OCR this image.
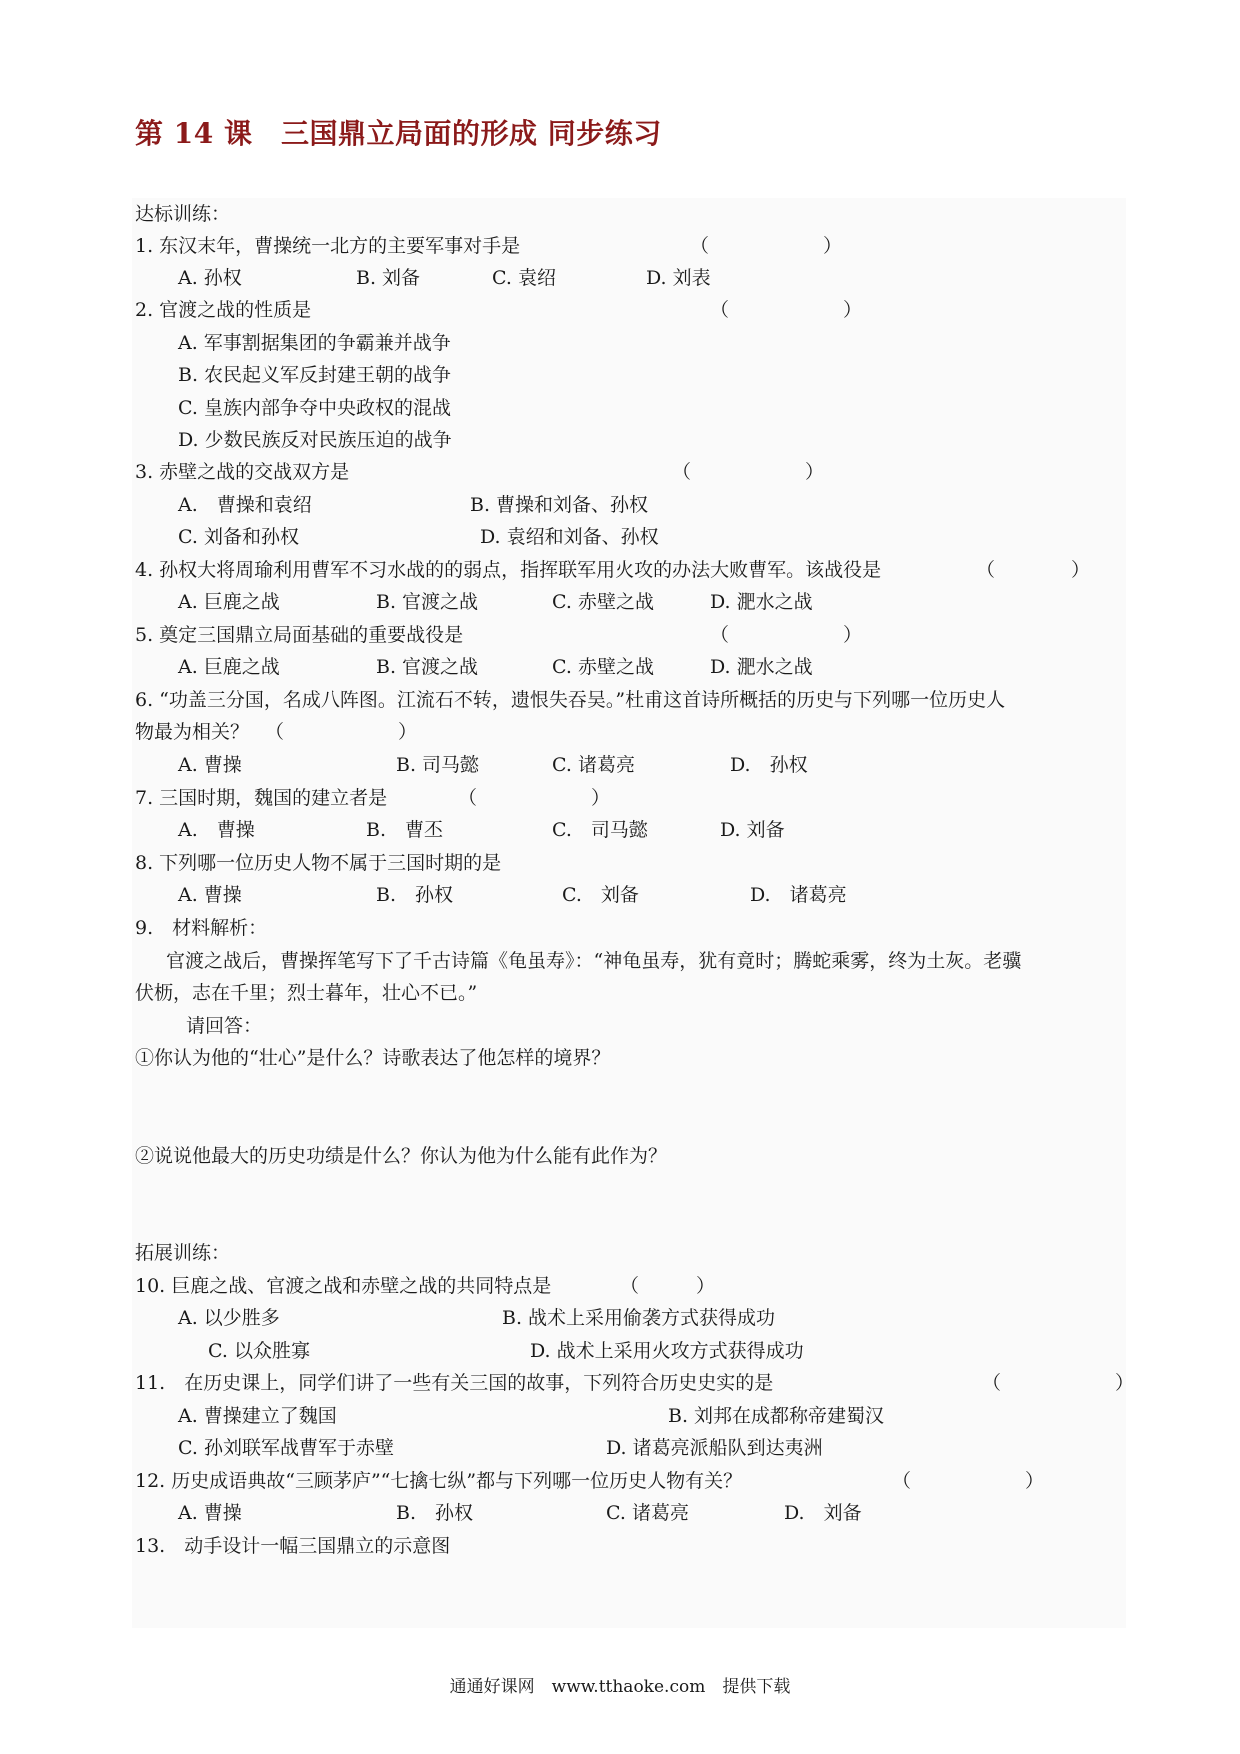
第 14 课　三国鼎立局面的形成 同步练习
达标训练：
1. 东汉末年，曹操统一北方的主要军事对手是	（　　　　　　）
A. 孙权	B. 刘备	C. 袁绍	D. 刘表
2. 官渡之战的性质是	（　　　　　　）
A. 军事割据集团的争霸兼并战争
B. 农民起义军反封建王朝的战争
C. 皇族内部争夺中央政权的混战
D. 少数民族反对民族压迫的战争
3. 赤壁之战的交战双方是	（　　　　　　）
A.　曹操和袁绍	B. 曹操和刘备、孙权
C. 刘备和孙权	D. 袁绍和刘备、孙权
4. 孙权大将周瑜利用曹军不习水战的的弱点，指挥联军用火攻的办法大败曹军。该战役是	（　　　　）
A. 巨鹿之战	B. 官渡之战	C. 赤壁之战	D. 淝水之战
5. 奠定三国鼎立局面基础的重要战役是	（　　　　　　）
A. 巨鹿之战	B. 官渡之战	C. 赤壁之战	D. 淝水之战
6. “功盖三分国，名成八阵图。江流石不转，遗恨失吞吴。”杜甫这首诗所概括的历史与下列哪一位历史人
物最为相关？ （　　　　　　）
A. 曹操	B. 司马懿	C. 诸葛亮	D.　孙权
7. 三国时期，魏国的建立者是	（　　　　　　）
A.　曹操	B.　曹丕	C.　司马懿	D. 刘备
8. 下列哪一位历史人物不属于三国时期的是
A. 曹操	B.　孙权	C.　刘备	D.　诸葛亮
9.　材料解析：
官渡之战后，曹操挥笔写下了千古诗篇《龟虽寿》：“神龟虽寿，犹有竟时；腾蛇乘雾，终为土灰。老骥
伏枥，志在千里；烈士暮年，壮心不已。”
请回答：
①你认为他的“壮心”是什么？诗歌表达了他怎样的境界？
②说说他最大的历史功绩是什么？你认为他为什么能有此作为？
拓展训练：
10. 巨鹿之战、官渡之战和赤壁之战的共同特点是	（　　　）
A. 以少胜多	B. 战术上采用偷袭方式获得成功
C. 以众胜寡	D. 战术上采用火攻方式获得成功
11.　在历史课上，同学们讲了一些有关三国的故事，下列符合历史史实的是	（　　　　　　）
A. 曹操建立了魏国	B. 刘邦在成都称帝建蜀汉
C. 孙刘联军战曹军于赤壁	D. 诸葛亮派船队到达夷洲
12. 历史成语典故“三顾茅庐”“七擒七纵”都与下列哪一位历史人物有关？	（　　　　　　）
A. 曹操	B.　孙权	C. 诸葛亮	D.　刘备
13.　动手设计一幅三国鼎立的示意图
通通好课网　www.tthaoke.com　提供下载
